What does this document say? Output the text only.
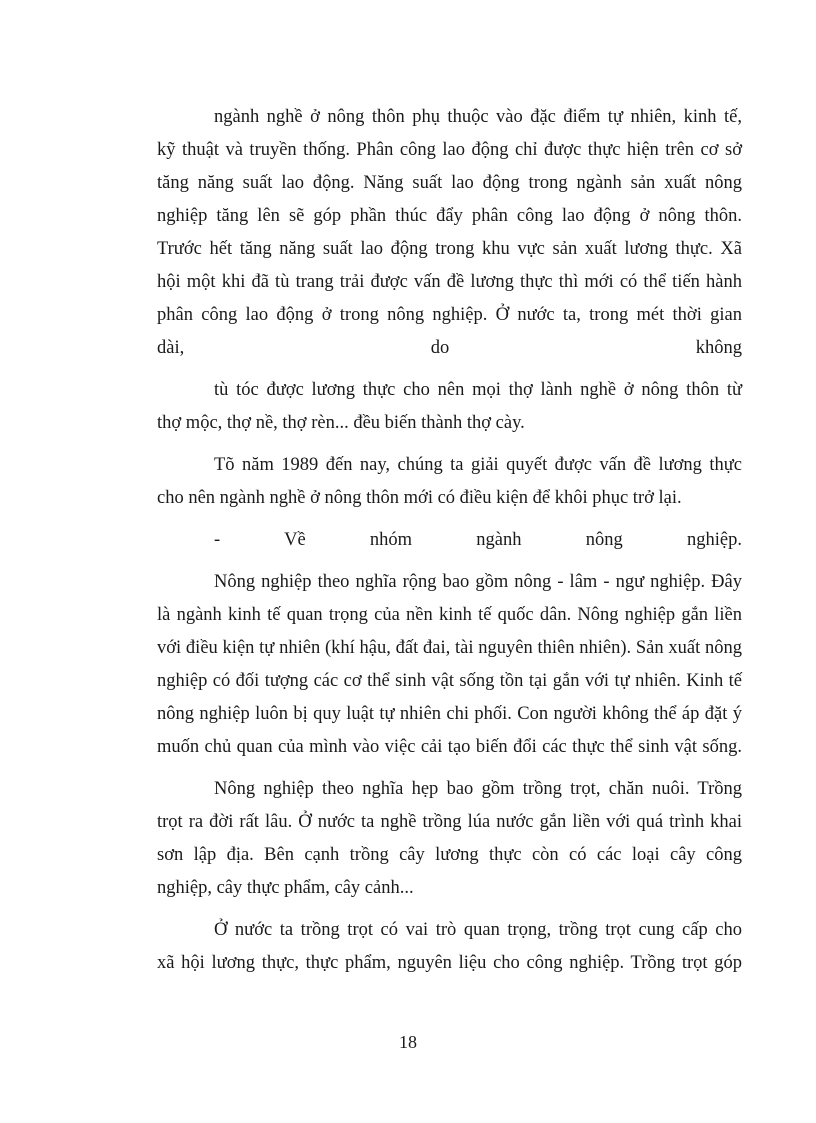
ngành nghề ở nông thôn phụ thuộc vào đặc điểm tự nhiên, kinh tế,
kỹ thuật và truyền thống. Phân công lao động chỉ được thực hiện trên cơ sở
tăng năng suất lao động. Năng suất lao động trong ngành sản xuất nông
nghiệp tăng lên sẽ góp phần thúc đẩy phân công lao động ở nông thôn.
Trước hết tăng năng suất lao động trong khu vực sản xuất lương thực. Xã
hội một khi đã tù trang trải được vấn đề lương thực thì mới có thể tiến hành
phân công lao động ở trong nông nghiệp. Ở nước ta, trong mét thời gian
dài, do không
tù tóc được lương thực cho nên mọi thợ lành nghề ở nông thôn từ
thợ mộc, thợ nề, thợ rèn... đều biến thành thợ cày.
Tõ năm 1989 đến nay, chúng ta giải quyết được vấn đề lương thực
cho nên ngành nghề ở nông thôn mới có điều kiện để khôi phục trở lại.
- Về nhóm ngành nông nghiệp.
Nông nghiệp theo nghĩa rộng bao gồm nông - lâm - ngư nghiệp. Đây
là ngành kinh tế quan trọng của nền kinh tế quốc dân. Nông nghiệp gắn liền
với điều kiện tự nhiên (khí hậu, đất đai, tài nguyên thiên nhiên). Sản xuất nông
nghiệp có đối tượng các cơ thể sinh vật sống tồn tại gắn với tự nhiên. Kinh tế
nông nghiệp luôn bị quy luật tự nhiên chi phối. Con người không thể áp đặt ý
muốn chủ quan của mình vào việc cải tạo biến đổi các thực thể sinh vật sống.
Nông nghiệp theo nghĩa hẹp bao gồm trồng trọt, chăn nuôi. Trồng
trọt ra đời rất lâu. Ở nước ta nghề trồng lúa nước gắn liền với quá trình khai
sơn lập địa. Bên cạnh trồng cây lương thực còn có các loại cây công
nghiệp, cây thực phẩm, cây cảnh...
Ở nước ta trồng trọt có vai trò quan trọng, trồng trọt cung cấp cho
xã hội lương thực, thực phẩm, nguyên liệu cho công nghiệp. Trồng trọt góp
18
